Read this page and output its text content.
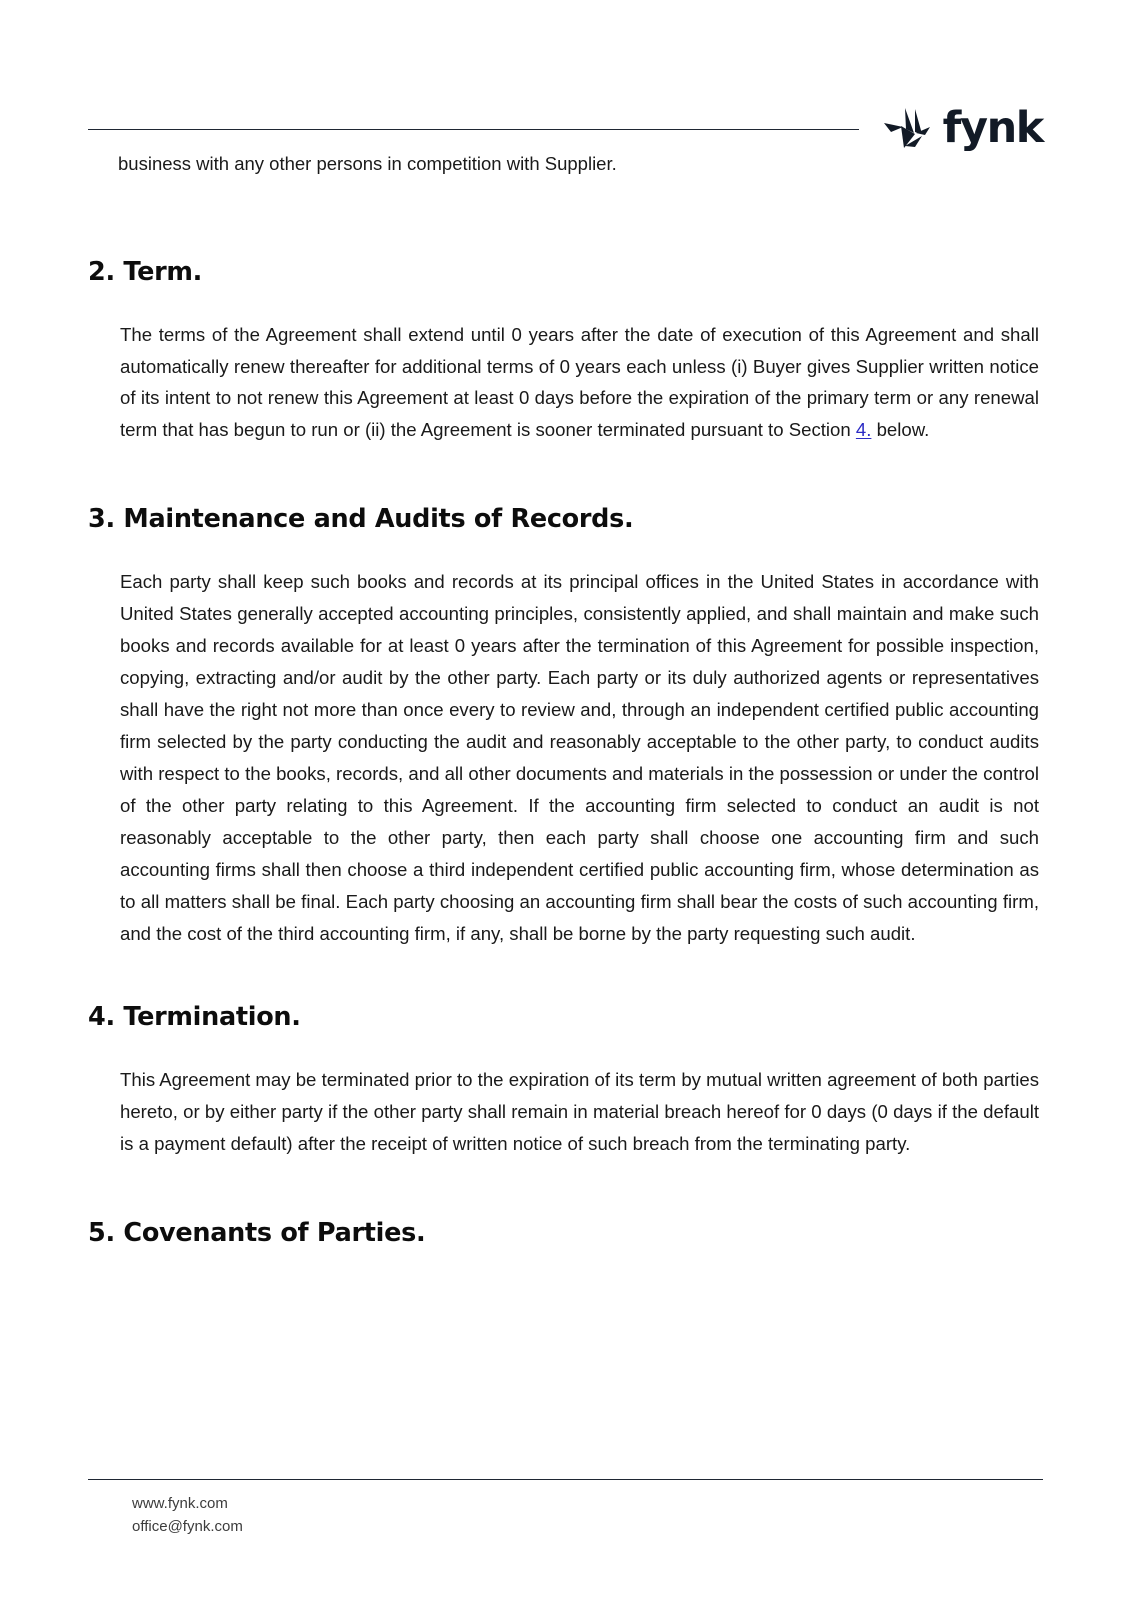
fynk

business with any other persons in competition with Supplier.

2. Term.

The terms of the Agreement shall extend until 0 years after the date of execution of this Agreement and shall automatically renew thereafter for additional terms of 0 years each unless (i) Buyer gives Supplier written notice of its intent to not renew this Agreement at least 0 days before the expiration of the primary term or any renewal term that has begun to run or (ii) the Agreement is sooner terminated pursuant to Section 4. below.

3. Maintenance and Audits of Records.

Each party shall keep such books and records at its principal offices in the United States in accordance with United States generally accepted accounting principles, consistently applied, and shall maintain and make such books and records available for at least 0 years after the termination of this Agreement for possible inspection, copying, extracting and/or audit by the other party. Each party or its duly authorized agents or representatives shall have the right not more than once every to review and, through an independent certified public accounting firm selected by the party conducting the audit and reasonably acceptable to the other party, to conduct audits with respect to the books, records, and all other documents and materials in the possession or under the control of the other party relating to this Agreement. If the accounting firm selected to conduct an audit is not reasonably acceptable to the other party, then each party shall choose one accounting firm and such accounting firms shall then choose a third independent certified public accounting firm, whose determination as to all matters shall be final. Each party choosing an accounting firm shall bear the costs of such accounting firm, and the cost of the third accounting firm, if any, shall be borne by the party requesting such audit.

4. Termination.

This Agreement may be terminated prior to the expiration of its term by mutual written agreement of both parties hereto, or by either party if the other party shall remain in material breach hereof for 0 days (0 days if the default is a payment default) after the receipt of written notice of such breach from the terminating party.

5. Covenants of Parties.
www.fynk.com
office@fynk.com
